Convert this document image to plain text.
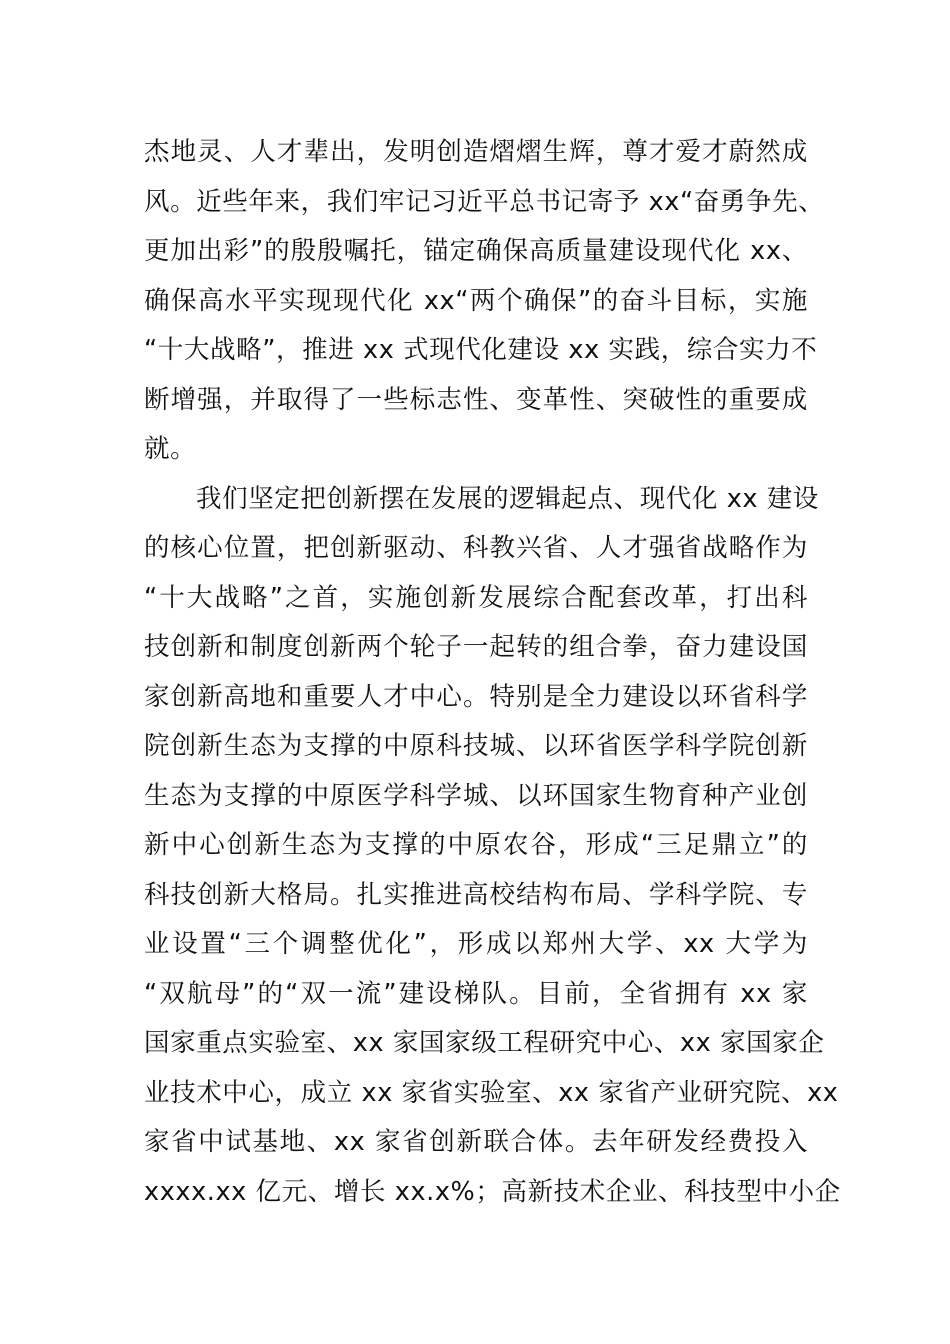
杰地灵、人才辈出，发明创造熠熠生辉，尊才爱才蔚然成
风。近些年来，我们牢记习近平总书记寄予 xx“奋勇争先、
更加出彩”的殷殷嘱托，锚定确保高质量建设现代化 xx、
确保高水平实现现代化 xx“两个确保”的奋斗目标，实施
“十大战略”，推进 xx 式现代化建设 xx 实践，综合实力不
断增强，并取得了一些标志性、变革性、突破性的重要成
就。
我们坚定把创新摆在发展的逻辑起点、现代化 xx 建设
的核心位置，把创新驱动、科教兴省、人才强省战略作为
“十大战略”之首，实施创新发展综合配套改革，打出科
技创新和制度创新两个轮子一起转的组合拳，奋力建设国
家创新高地和重要人才中心。特别是全力建设以环省科学
院创新生态为支撑的中原科技城、以环省医学科学院创新
生态为支撑的中原医学科学城、以环国家生物育种产业创
新中心创新生态为支撑的中原农谷，形成“三足鼎立”的
科技创新大格局。扎实推进高校结构布局、学科学院、专
业设置“三个调整优化”，形成以郑州大学、xx 大学为
“双航母”的“双一流”建设梯队。目前，全省拥有 xx 家
国家重点实验室、xx 家国家级工程研究中心、xx 家国家企
业技术中心，成立 xx 家省实验室、xx 家省产业研究院、xx
家省中试基地、xx 家省创新联合体。去年研发经费投入
xxxx.xx 亿元、增长 xx.x%；高新技术企业、科技型中小企
